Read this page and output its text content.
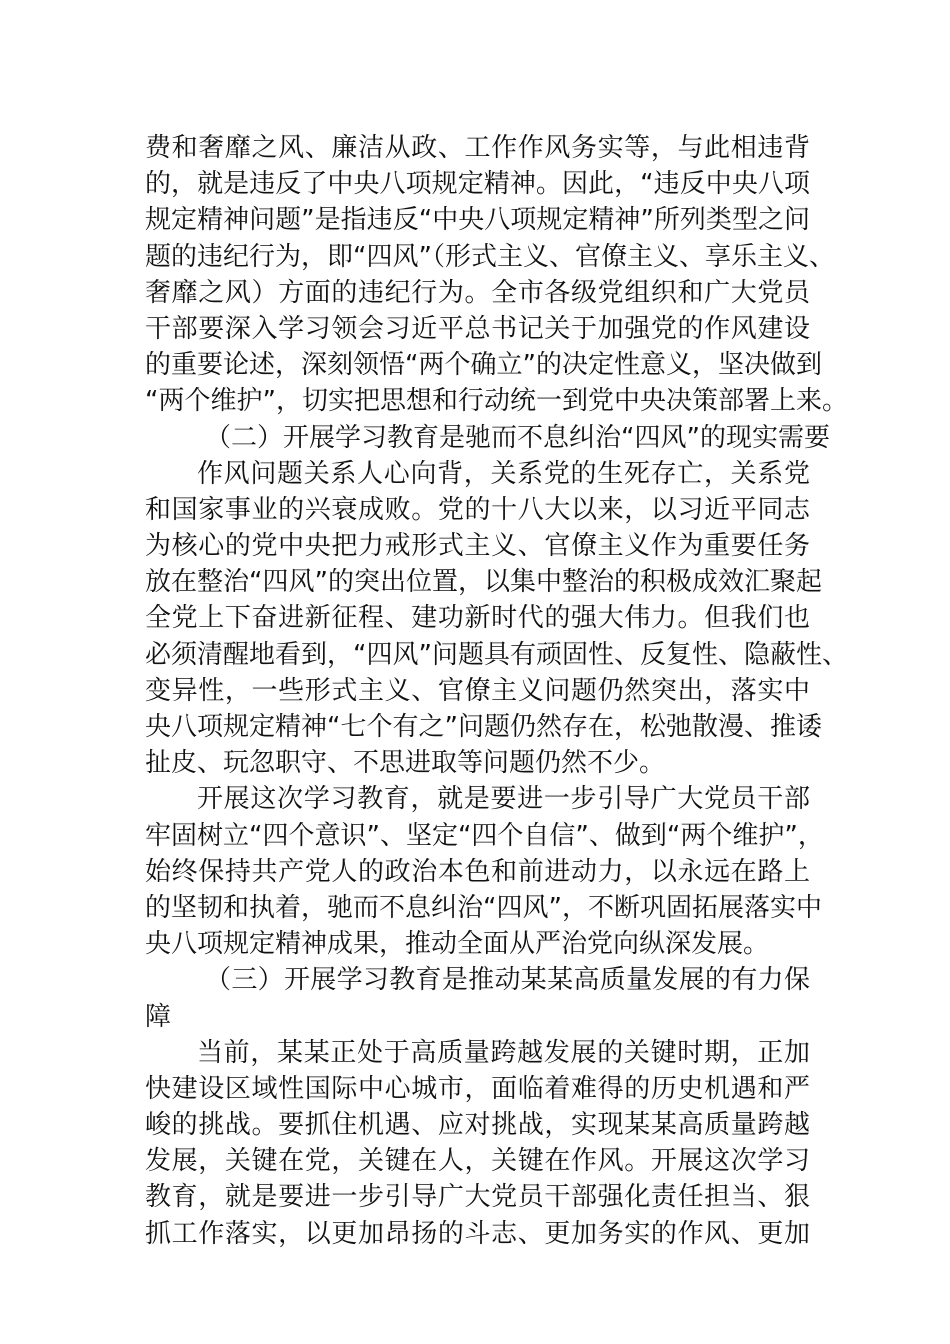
费和奢靡之风、廉洁从政、工作作风务实等，与此相违背
的，就是违反了中央八项规定精神。因此，“违反中央八项
规定精神问题”是指违反“中央八项规定精神”所列类型之问
题的违纪行为，即“四风”（形式主义、官僚主义、享乐主义、
奢靡之风）方面的违纪行为。全市各级党组织和广大党员
干部要深入学习领会习近平总书记关于加强党的作风建设
的重要论述，深刻领悟“两个确立”的决定性意义，坚决做到
“两个维护”，切实把思想和行动统一到党中央决策部署上来。
（二）开展学习教育是驰而不息纠治“四风”的现实需要
作风问题关系人心向背，关系党的生死存亡，关系党
和国家事业的兴衰成败。党的十八大以来，以习近平同志
为核心的党中央把力戒形式主义、官僚主义作为重要任务
放在整治“四风”的突出位置，以集中整治的积极成效汇聚起
全党上下奋进新征程、建功新时代的强大伟力。但我们也
必须清醒地看到，“四风”问题具有顽固性、反复性、隐蔽性、
变异性，一些形式主义、官僚主义问题仍然突出，落实中
央八项规定精神“七个有之”问题仍然存在，松弛散漫、推诿
扯皮、玩忽职守、不思进取等问题仍然不少。
开展这次学习教育，就是要进一步引导广大党员干部
牢固树立“四个意识”、坚定“四个自信”、做到“两个维护”，
始终保持共产党人的政治本色和前进动力，以永远在路上
的坚韧和执着，驰而不息纠治“四风”，不断巩固拓展落实中
央八项规定精神成果，推动全面从严治党向纵深发展。
（三）开展学习教育是推动某某高质量发展的有力保
障
当前，某某正处于高质量跨越发展的关键时期，正加
快建设区域性国际中心城市，面临着难得的历史机遇和严
峻的挑战。要抓住机遇、应对挑战，实现某某高质量跨越
发展，关键在党，关键在人，关键在作风。开展这次学习
教育，就是要进一步引导广大党员干部强化责任担当、狠
抓工作落实，以更加昂扬的斗志、更加务实的作风、更加
